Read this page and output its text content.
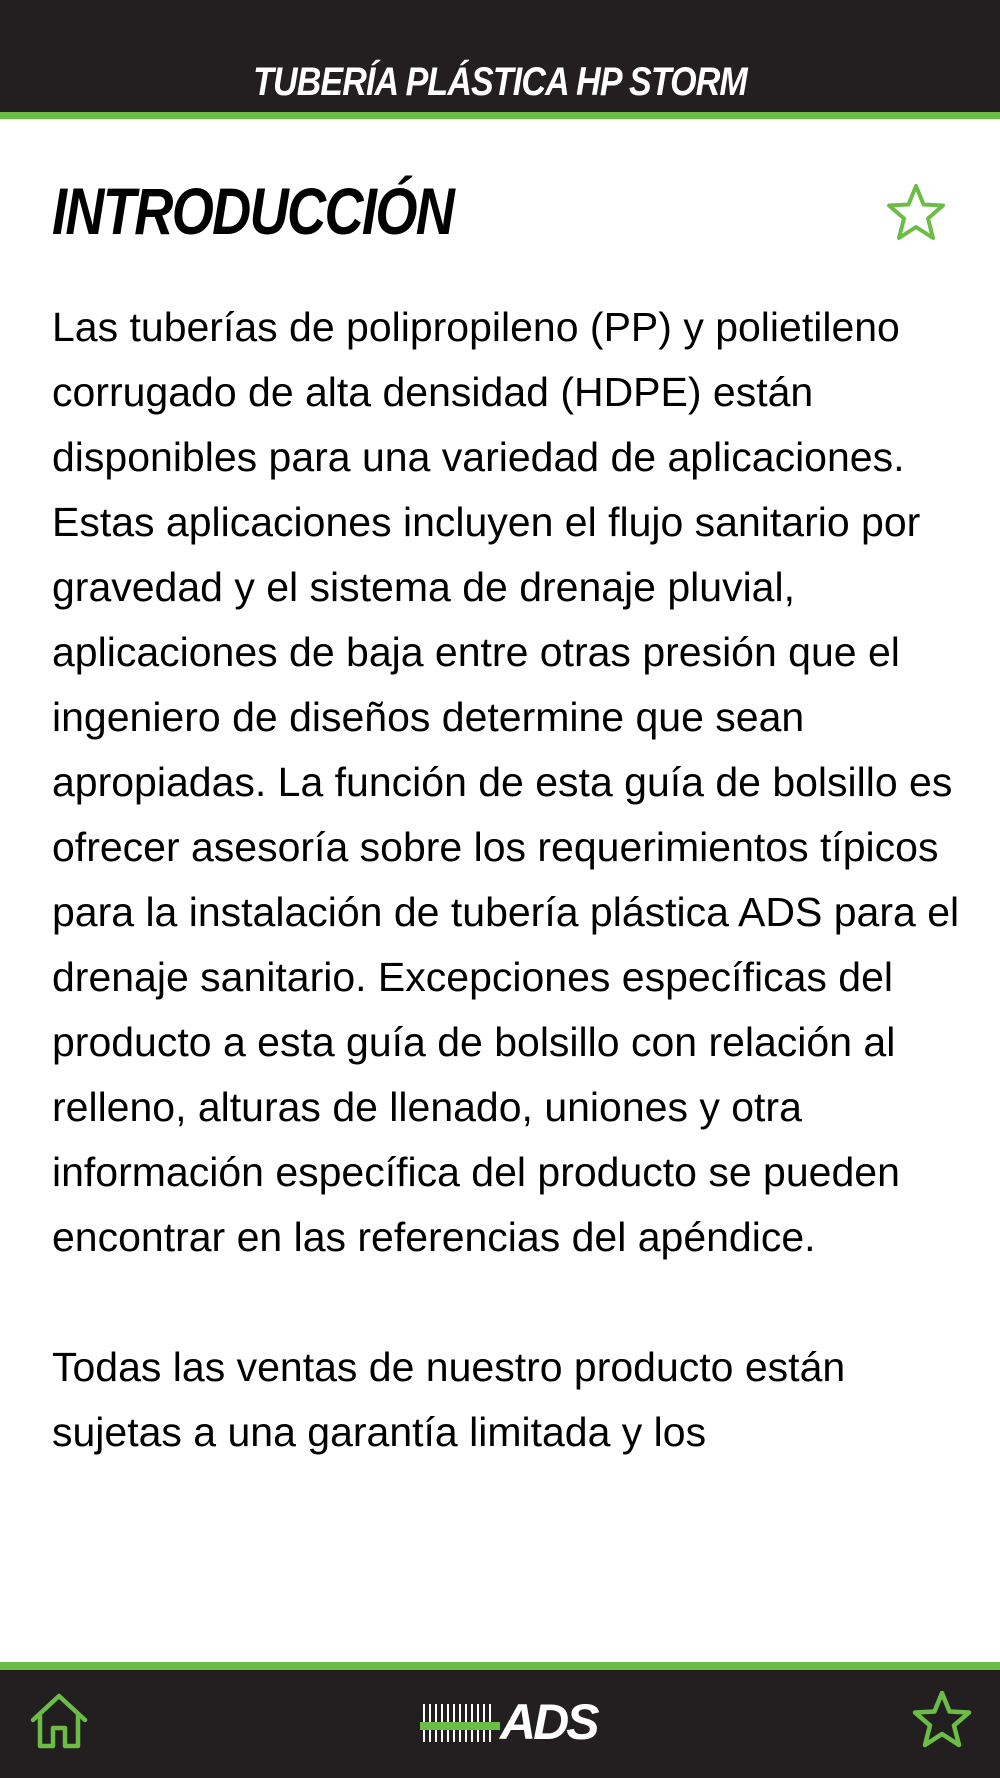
TUBERÍA PLÁSTICA HP STORM
INTRODUCCIÓN

Las tuberías de polipropileno (PP) y polietileno corrugado de alta densidad (HDPE) están disponibles para una variedad de aplicaciones. Estas aplicaciones incluyen el flujo sanitario por gravedad y el sistema de drenaje pluvial, aplicaciones de baja entre otras presión que el ingeniero de diseños determine que sean apropiadas. La función de esta guía de bolsillo es ofrecer asesoría sobre los requerimientos típicos para la instalación de tubería plástica ADS para el drenaje sanitario. Excepciones específicas del producto a esta guía de bolsillo con relación al relleno, alturas de llenado, uniones y otra información específica del producto se pueden encontrar en las referencias del apéndice.

Todas las ventas de nuestro producto están sujetas a una garantía limitada y los

ADS
